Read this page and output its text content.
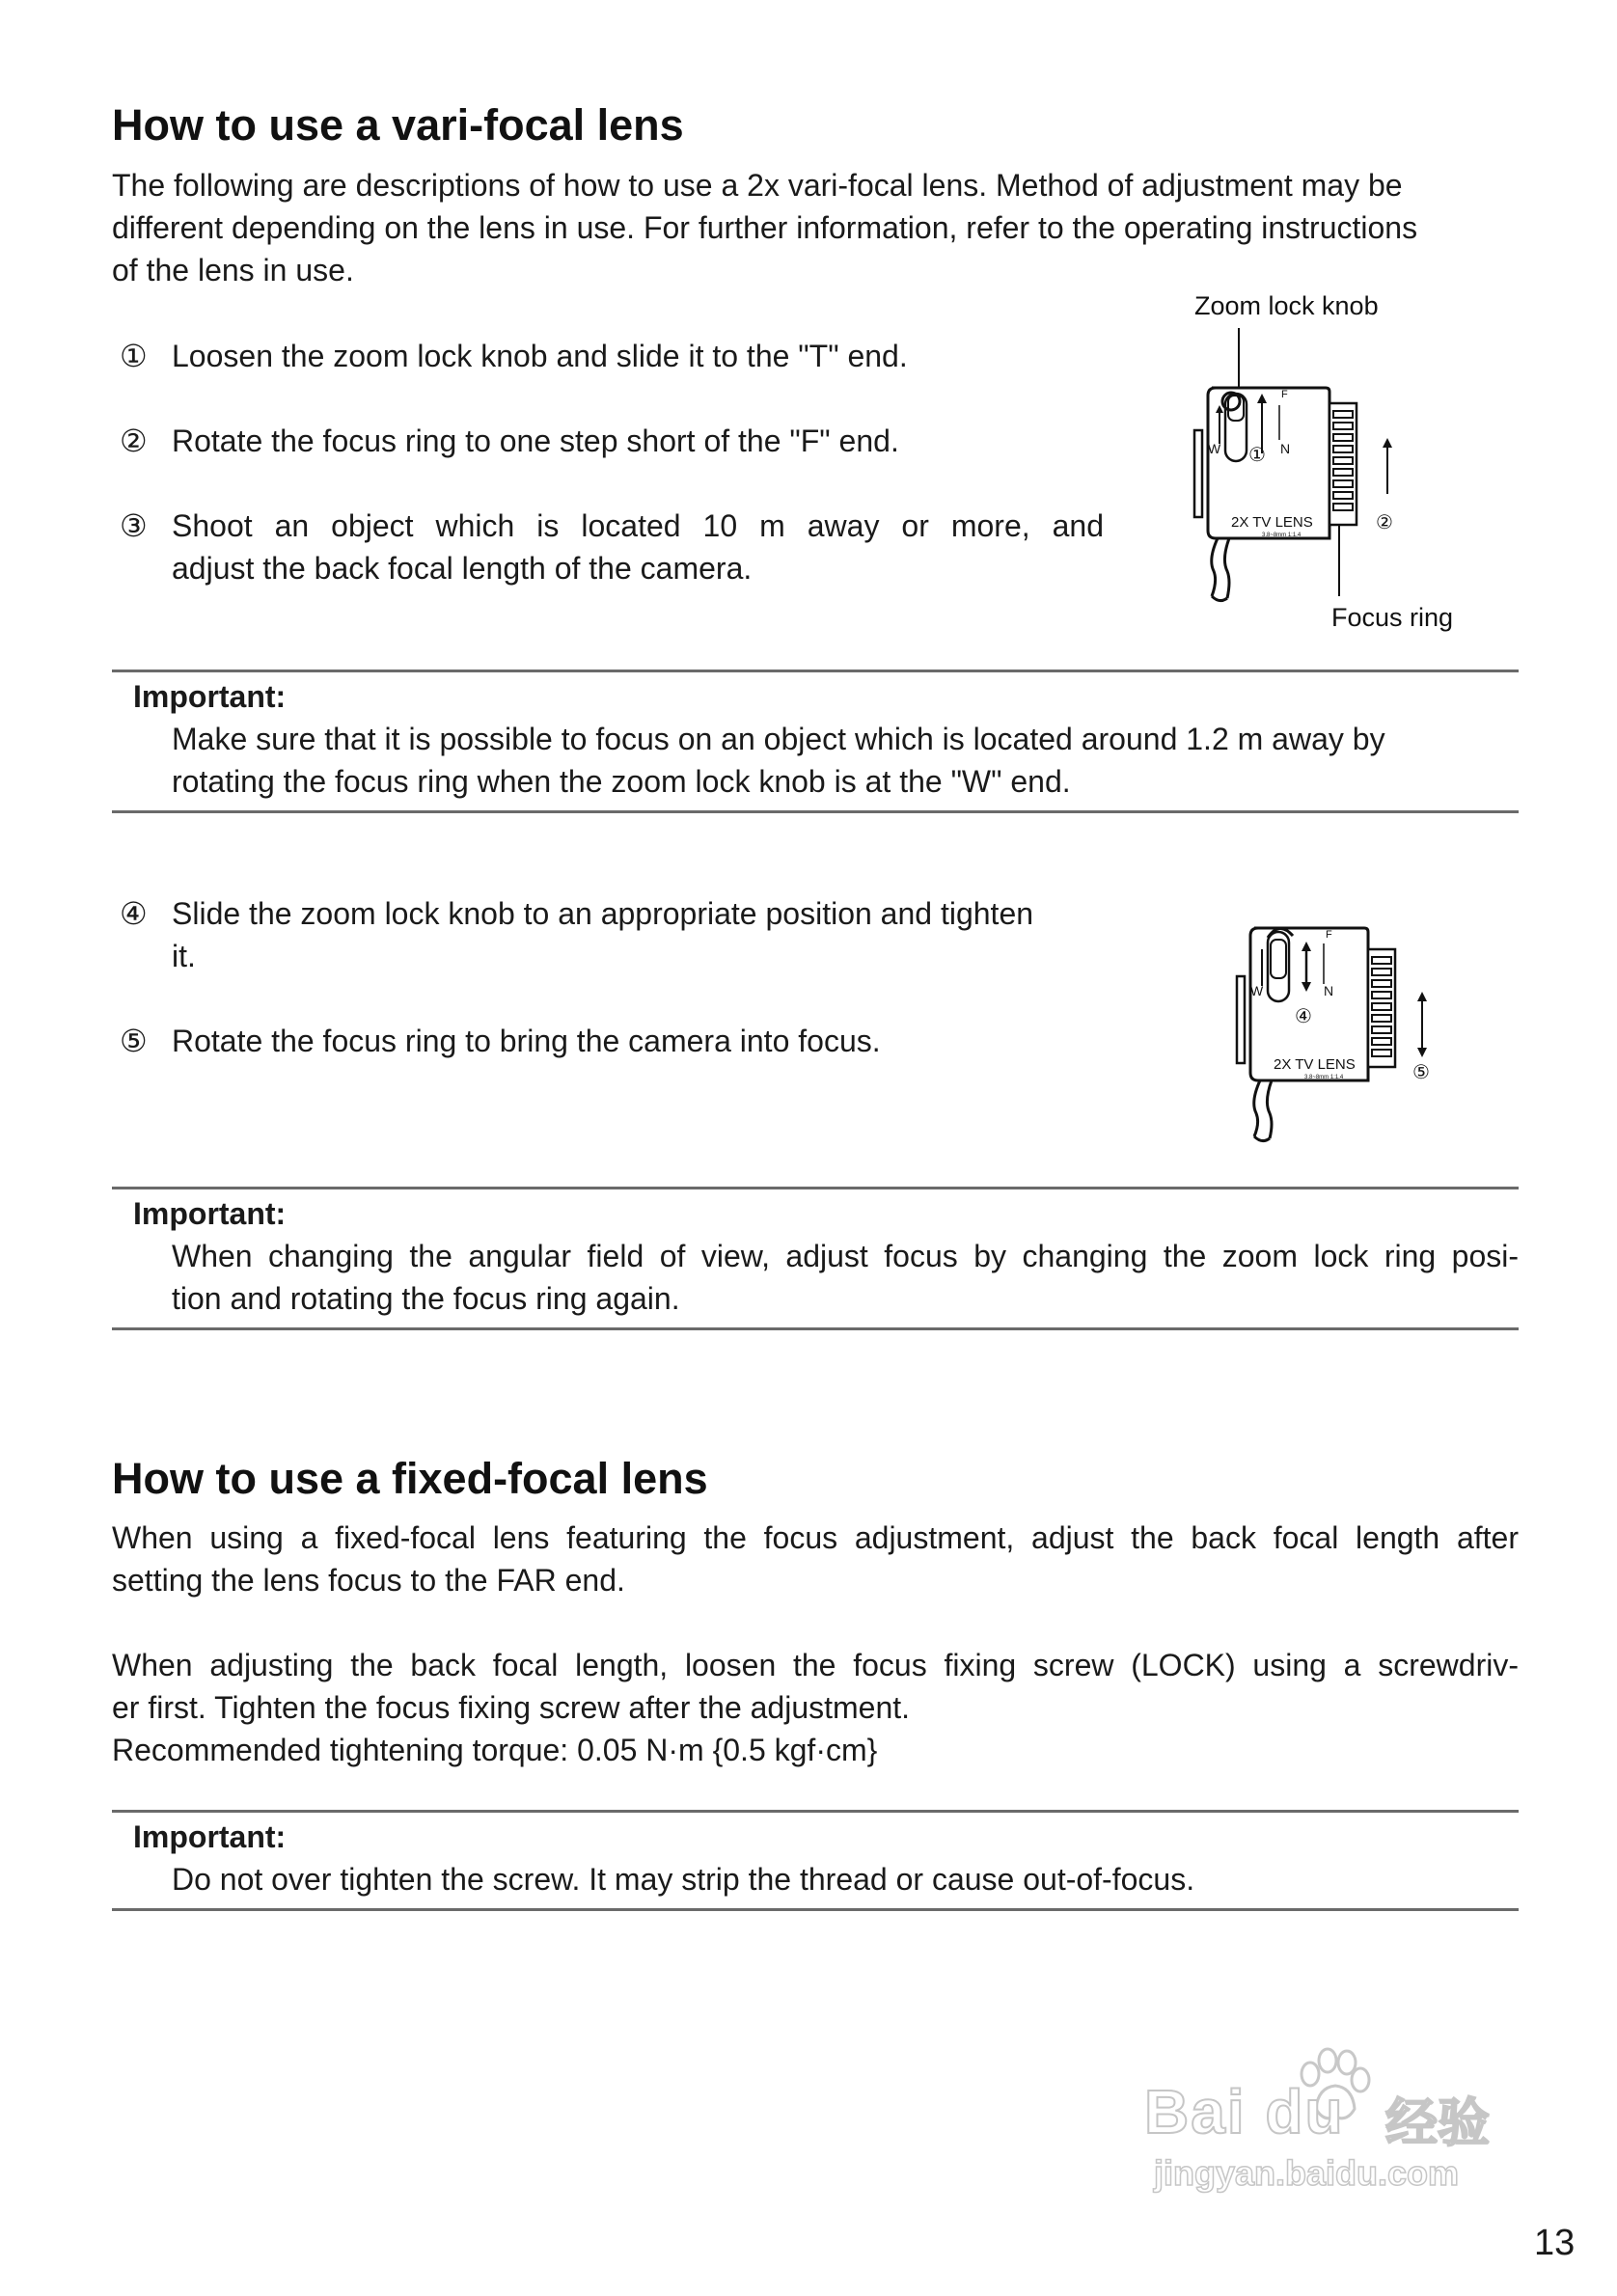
How to use a vari-focal lens
The following are descriptions of how to use a 2x vari-focal lens. Method of adjustment may be
different depending on the lens in use. For further information, refer to the operating instructions
of the lens in use.
① Loosen the zoom lock knob and slide it to the "T" end.
② Rotate the focus ring to one step short of the "F" end.
③ Shoot an object which is located 10 m away or more, and
adjust the back focal length of the camera.
Zoom lock knob
Focus ring
W
F
N
①
2X TV LENS
3.8~8mm 1:1.4
②
Important:
Make sure that it is possible to focus on an object which is located around 1.2 m away by
rotating the focus ring when the zoom lock knob is at the "W" end.
④ Slide the zoom lock knob to an appropriate position and tighten
it.
⑤ Rotate the focus ring to bring the camera into focus.
W
F
N
④
2X TV LENS
3.8~8mm 1:1.4	⑤
Important:
When changing the angular field of view, adjust focus by changing the zoom lock ring posi-
tion and rotating the focus ring again.
How to use a fixed-focal lens
When using a fixed-focal lens featuring the focus adjustment, adjust the back focal length after
setting the lens focus to the FAR end.
When adjusting the back focal length, loosen the focus fixing screw (LOCK) using a screwdriv-
er first. Tighten the focus fixing screw after the adjustment.
Recommended tightening torque: 0.05 N·m {0.5 kgf·cm}
Important:
Do not over tighten the screw. It may strip the thread or cause out-of-focus.
Bai du 经验
jingyan.baidu.com
13
